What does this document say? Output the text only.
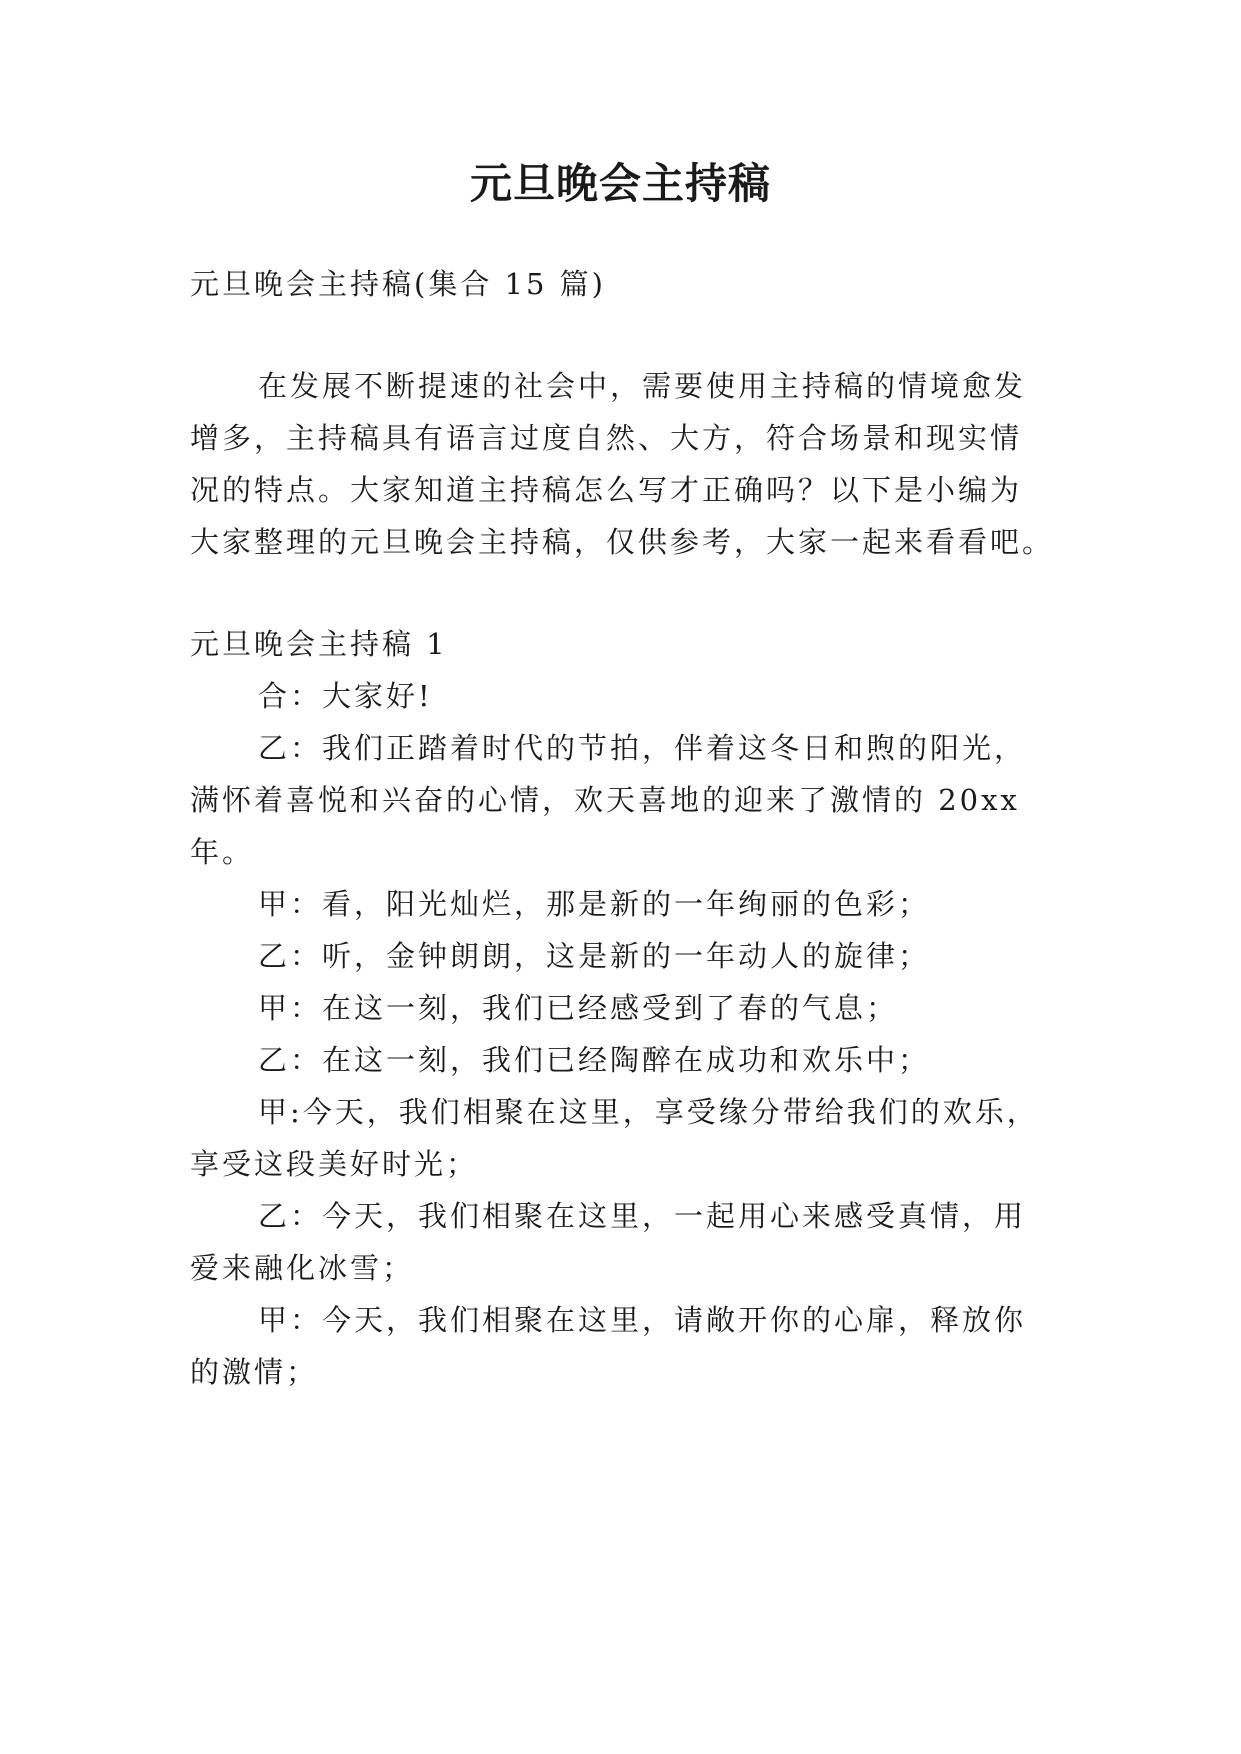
元旦晚会主持稿
元旦晚会主持稿(集合 15 篇)
在发展不断提速的社会中，需要使用主持稿的情境愈发
增多，主持稿具有语言过度自然、大方，符合场景和现实情
况的特点。大家知道主持稿怎么写才正确吗？以下是小编为
大家整理的元旦晚会主持稿，仅供参考，大家一起来看看吧。
元旦晚会主持稿 1
合：大家好!
乙：我们正踏着时代的节拍，伴着这冬日和煦的阳光，
满怀着喜悦和兴奋的心情，欢天喜地的迎来了激情的 20xx
年。
甲：看，阳光灿烂，那是新的一年绚丽的色彩；
乙：听，金钟朗朗，这是新的一年动人的旋律；
甲：在这一刻，我们已经感受到了春的气息；
乙：在这一刻，我们已经陶醉在成功和欢乐中；
甲:今天，我们相聚在这里，享受缘分带给我们的欢乐，
享受这段美好时光；
乙：今天，我们相聚在这里，一起用心来感受真情，用
爱来融化冰雪；
甲：今天，我们相聚在这里，请敞开你的心扉，释放你
的激情；
